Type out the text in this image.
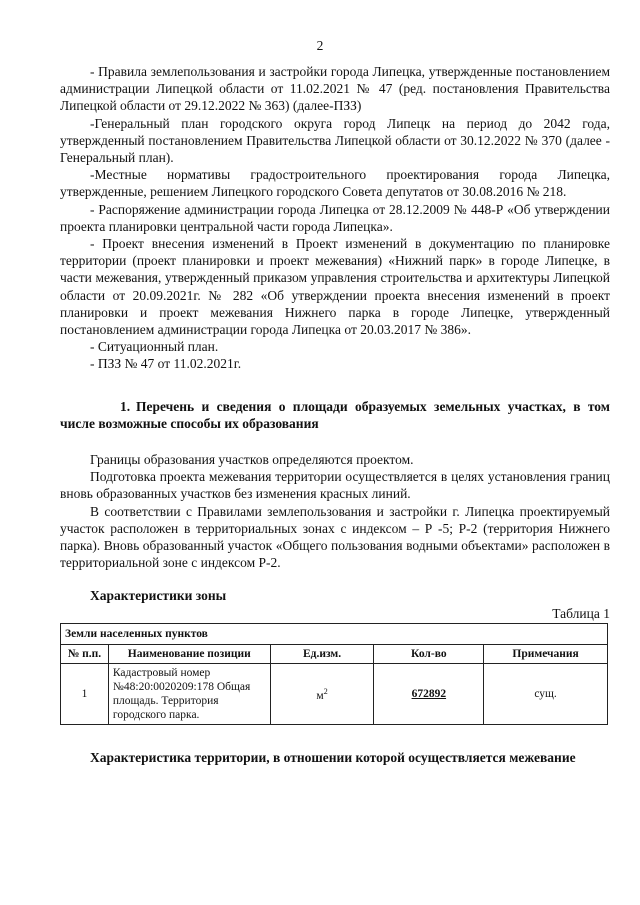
2

- Правила землепользования и застройки города Липецка, утвержденные постановлением администрации Липецкой области от 11.02.2021 № 47 (ред. постановления Правительства Липецкой области от 29.12.2022 № 363) (далее-ПЗЗ)

-Генеральный план городского округа город Липецк на период до 2042 года, утвержденный постановлением Правительства Липецкой области от 30.12.2022 № 370 (далее - Генеральный план).

-Местные нормативы градостроительного проектирования города Липецка, утвержденные, решением Липецкого городского Совета депутатов от 30.08.2016 № 218.

- Распоряжение администрации города Липецка от 28.12.2009 № 448-Р «Об утверждении проекта планировки центральной части города Липецка».

- Проект внесения изменений в Проект изменений в документацию по планировке территории (проект планировки и проект межевания) «Нижний парк» в городе Липецке, в части межевания, утвержденный приказом управления строительства и архитектуры Липецкой области от 20.09.2021г. № 282 «Об утверждении проекта внесения изменений в проект планировки и проект межевания Нижнего парка в городе Липецке, утвержденный постановлением администрации города Липецка от 20.03.2017 № 386».

- Ситуационный план.

- ПЗЗ № 47 от 11.02.2021г.

1. Перечень и сведения о площади образуемых земельных участках, в том числе возможные способы их образования

Границы образования участков определяются проектом.

Подготовка проекта межевания территории осуществляется в целях установления границ вновь образованных участков без изменения красных линий.

В соответствии с Правилами землепользования и застройки г. Липецка проектируемый участок расположен в территориальных зонах с индексом – Р -5; Р-2 (территория Нижнего парка). Вновь образованный участок «Общего пользования водными объектами» расположен в территориальной зоне с индексом Р-2.

Характеристики зоны

Таблица 1

Земли населенных пунктов				
№ п.п.	Наименование позиции	Ед.изм.	Кол-во	Примечания
1	Кадастровый номер №48:20:0020209:178 Общая площадь. Территория городского парка.	$м^2$	672892	сущ.

Характеристика территории, в отношении которой осуществляется межевание
